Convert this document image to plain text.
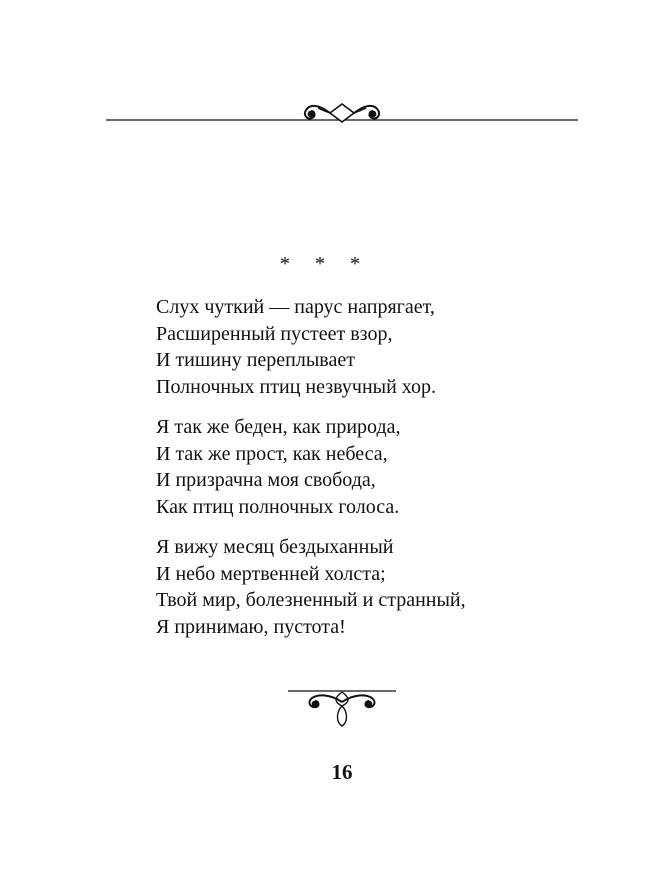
* * *
Слух чуткий — парус напрягает,
Расширенный пустеет взор,
И тишину переплывает
Полночных птиц незвучный хор.
Я так же беден, как природа,
И так же прост, как небеса,
И призрачна моя свобода,
Как птиц полночных голоса.
Я вижу месяц бездыханный
И небо мертвенней холста;
Твой мир, болезненный и странный,
Я принимаю, пустота!
16
